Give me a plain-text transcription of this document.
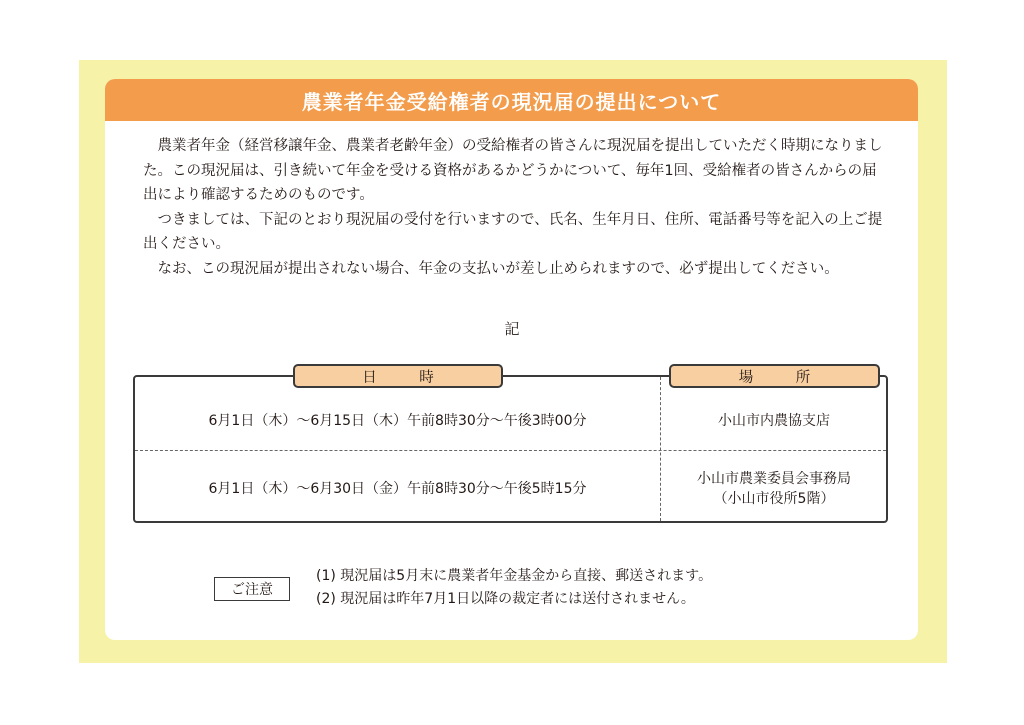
農業者年金受給権者の現況届の提出について

農業者年金（経営移譲年金、農業者老齢年金）の受給権者の皆さんに現況届を提出していただく時期になりました。この現況届は、引き続いて年金を受ける資格があるかどうかについて、毎年1回、受給権者の皆さんからの届出により確認するためのものです。

つきましては、下記のとおり現況届の受付を行いますので、氏名、生年月日、住所、電話番号等を記入の上ご提出ください。

なお、この現況届が提出されない場合、年金の支払いが差し止められますので、必ず提出してください。

記
日　時	場　所
6月1日（木）～6月15日（木）午前8時30分～午後3時00分	小山市内農協支店
6月1日（木）～6月30日（金）午前8時30分～午後5時15分
小山市農業委員会事務局
（小山市役所5階）
ご注意
(1) 現況届は5月末に農業者年金基金から直接、郵送されます。
(2) 現況届は昨年7月1日以降の裁定者には送付されません。
